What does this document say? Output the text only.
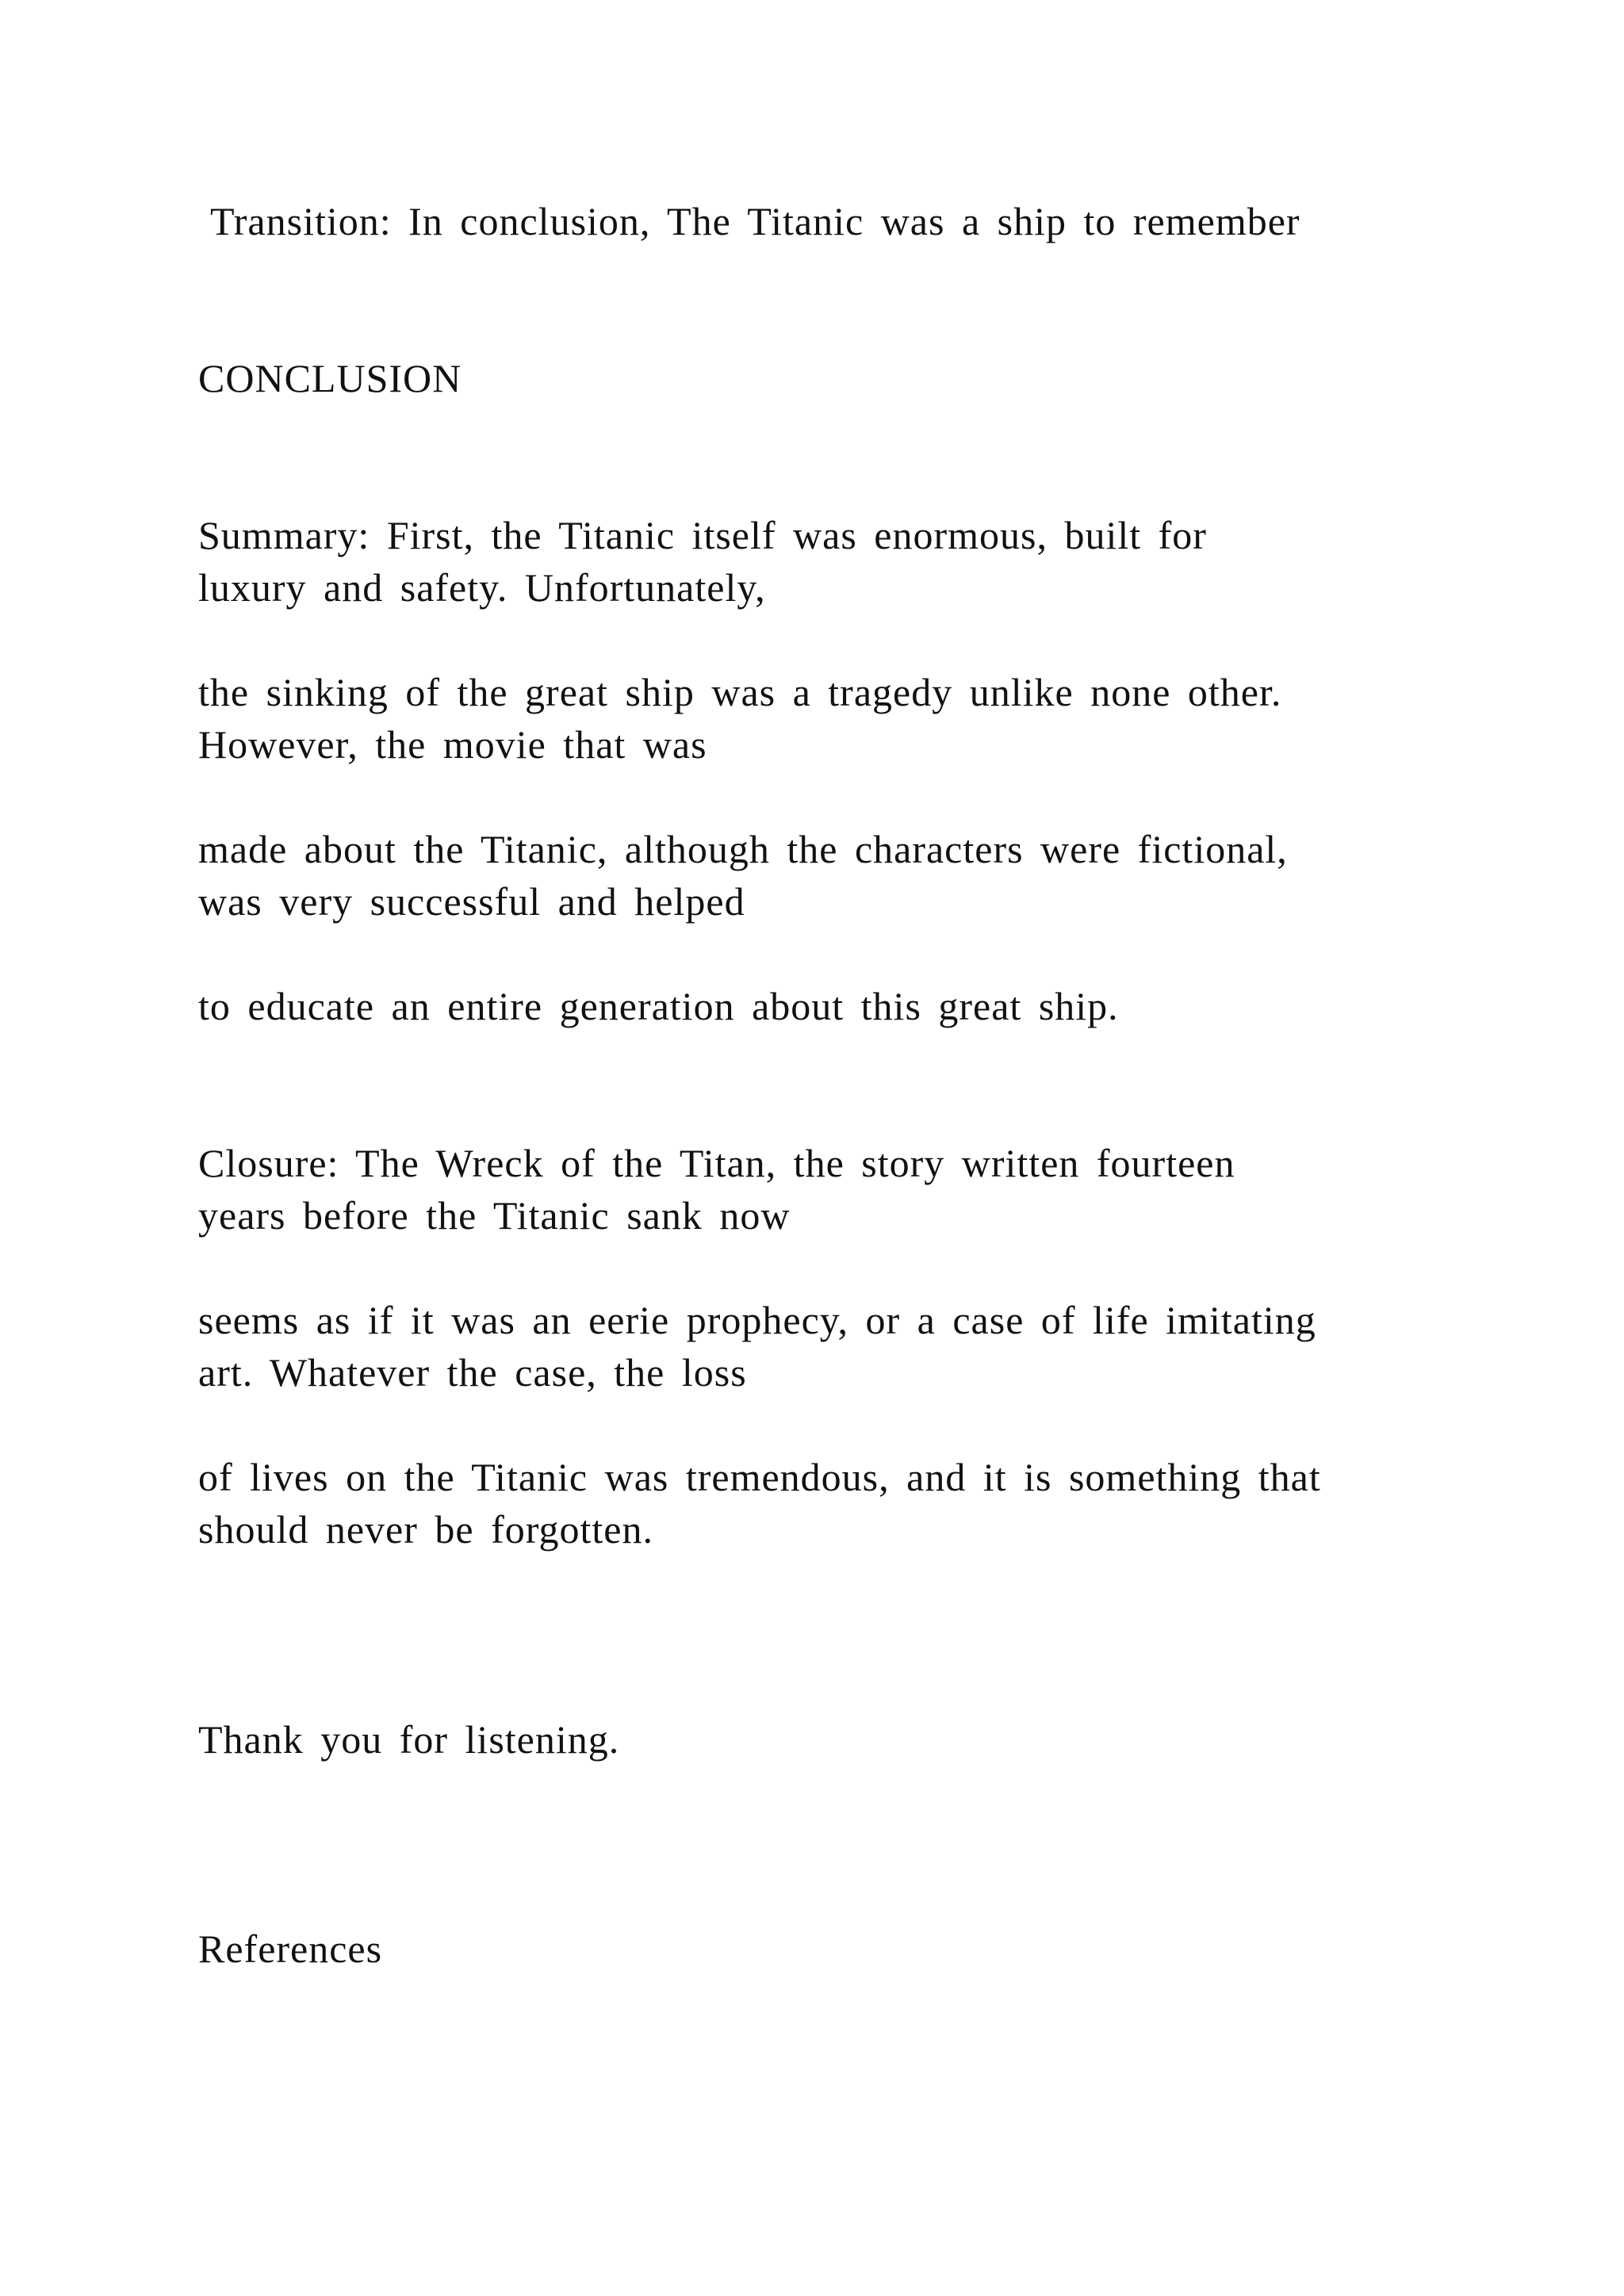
Transition: In conclusion, The Titanic was a ship to remember

CONCLUSION

Summary: First, the Titanic itself was enormous, built for
luxury and safety. Unfortunately,

the sinking of the great ship was a tragedy unlike none other.
However, the movie that was

made about the Titanic, although the characters were fictional,
was very successful and helped

to educate an entire generation about this great ship.

Closure: The Wreck of the Titan, the story written fourteen
years before the Titanic sank now

seems as if it was an eerie prophecy, or a case of life imitating
art. Whatever the case, the loss

of lives on the Titanic was tremendous, and it is something that
should never be forgotten.

Thank you for listening.

References
